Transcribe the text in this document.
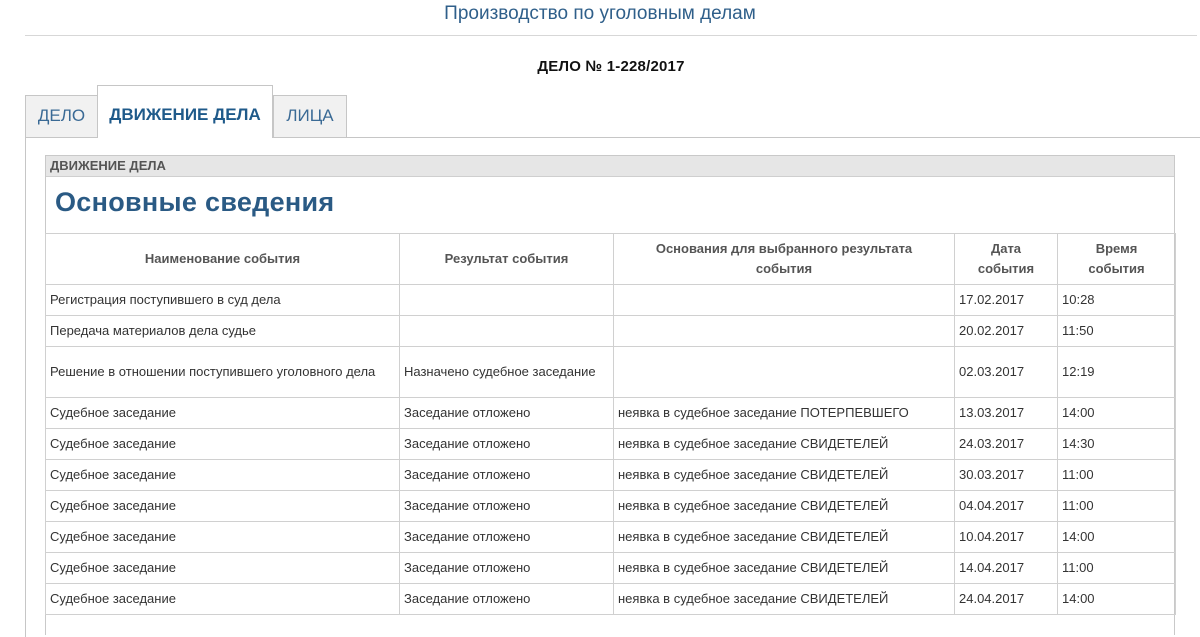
Производство по уголовным делам
ДЕЛО № 1-228/2017
ДЕЛО	ДВИЖЕНИЕ ДЕЛА	ЛИЦА
ДВИЖЕНИЕ ДЕЛА
Основные сведения
Наименование события	Результат события	Основания для выбранного результата события	Дата события	Время события
Регистрация поступившего в суд дела			17.02.2017	10:28
Передача материалов дела судье			20.02.2017	11:50
Решение в отношении поступившего уголовного дела	Назначено судебное заседание		02.03.2017	12:19
Судебное заседание	Заседание отложено	неявка в судебное заседание ПОТЕРПЕВШЕГО	13.03.2017	14:00
Судебное заседание	Заседание отложено	неявка в судебное заседание СВИДЕТЕЛЕЙ	24.03.2017	14:30
Судебное заседание	Заседание отложено	неявка в судебное заседание СВИДЕТЕЛЕЙ	30.03.2017	11:00
Судебное заседание	Заседание отложено	неявка в судебное заседание СВИДЕТЕЛЕЙ	04.04.2017	11:00
Судебное заседание	Заседание отложено	неявка в судебное заседание СВИДЕТЕЛЕЙ	10.04.2017	14:00
Судебное заседание	Заседание отложено	неявка в судебное заседание СВИДЕТЕЛЕЙ	14.04.2017	11:00
Судебное заседание	Заседание отложено	неявка в судебное заседание СВИДЕТЕЛЕЙ	24.04.2017	14:00
